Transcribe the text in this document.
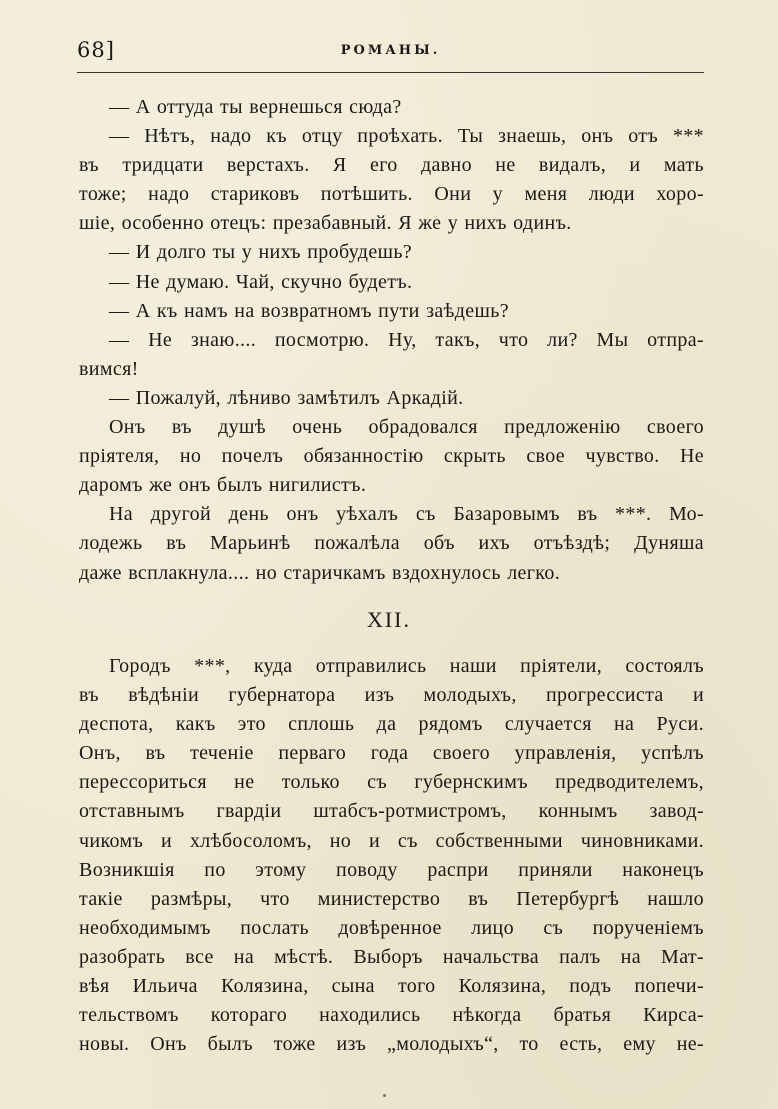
68]	РОМАНЫ.
— А оттуда ты вернешься сюда?
— Нѣтъ, надо къ отцу проѣхать. Ты знаешь, онъ отъ ***
въ тридцати верстахъ. Я его давно не видалъ, и мать
тоже; надо стариковъ потѣшить. Они у меня люди хоро-
шіе, особенно отецъ: презабавный. Я же у нихъ одинъ.
— И долго ты у нихъ пробудешь?
— Не думаю. Чай, скучно будетъ.
— А къ намъ на возвратномъ пути заѣдешь?
— Не знаю.... посмотрю. Ну, такъ, что ли? Мы отпра-
вимся!
— Пожалуй, лѣниво замѣтилъ Аркадій.
Онъ въ душѣ очень обрадовался предложенію своего
пріятеля, но почелъ обязанностію скрыть свое чувство. Не
даромъ же онъ былъ нигилистъ.
На другой день онъ уѣхалъ съ Базаровымъ въ ***. Мо-
лодежь въ Марьинѣ пожалѣла объ ихъ отъѣздѣ; Дуняша
даже всплакнула.... но старичкамъ вздохнулось легко.
XII.
Городъ ***, куда отправились наши пріятели, состоялъ
въ вѣдѣніи губернатора изъ молодыхъ, прогрессиста и
деспота, какъ это сплошь да рядомъ случается на Руси.
Онъ, въ теченіе перваго года своего управленія, успѣлъ
перессориться не только съ губернскимъ предводителемъ,
отставнымъ гвардіи штабсъ-ротмистромъ, коннымъ завод-
чикомъ и хлѣбосоломъ, но и съ собственными чиновниками.
Возникшія по этому поводу распри приняли наконецъ
такіе размѣры, что министерство въ Петербургѣ нашло
необходимымъ послать довѣренное лицо съ порученіемъ
разобрать все на мѣстѣ. Выборъ начальства палъ на Мат-
вѣя Ильича Колязина, сына того Колязина, подъ попечи-
тельствомъ котораго находились нѣкогда братья Кирса-
новы. Онъ былъ тоже изъ „молодыхъ“, то есть, ему не-
